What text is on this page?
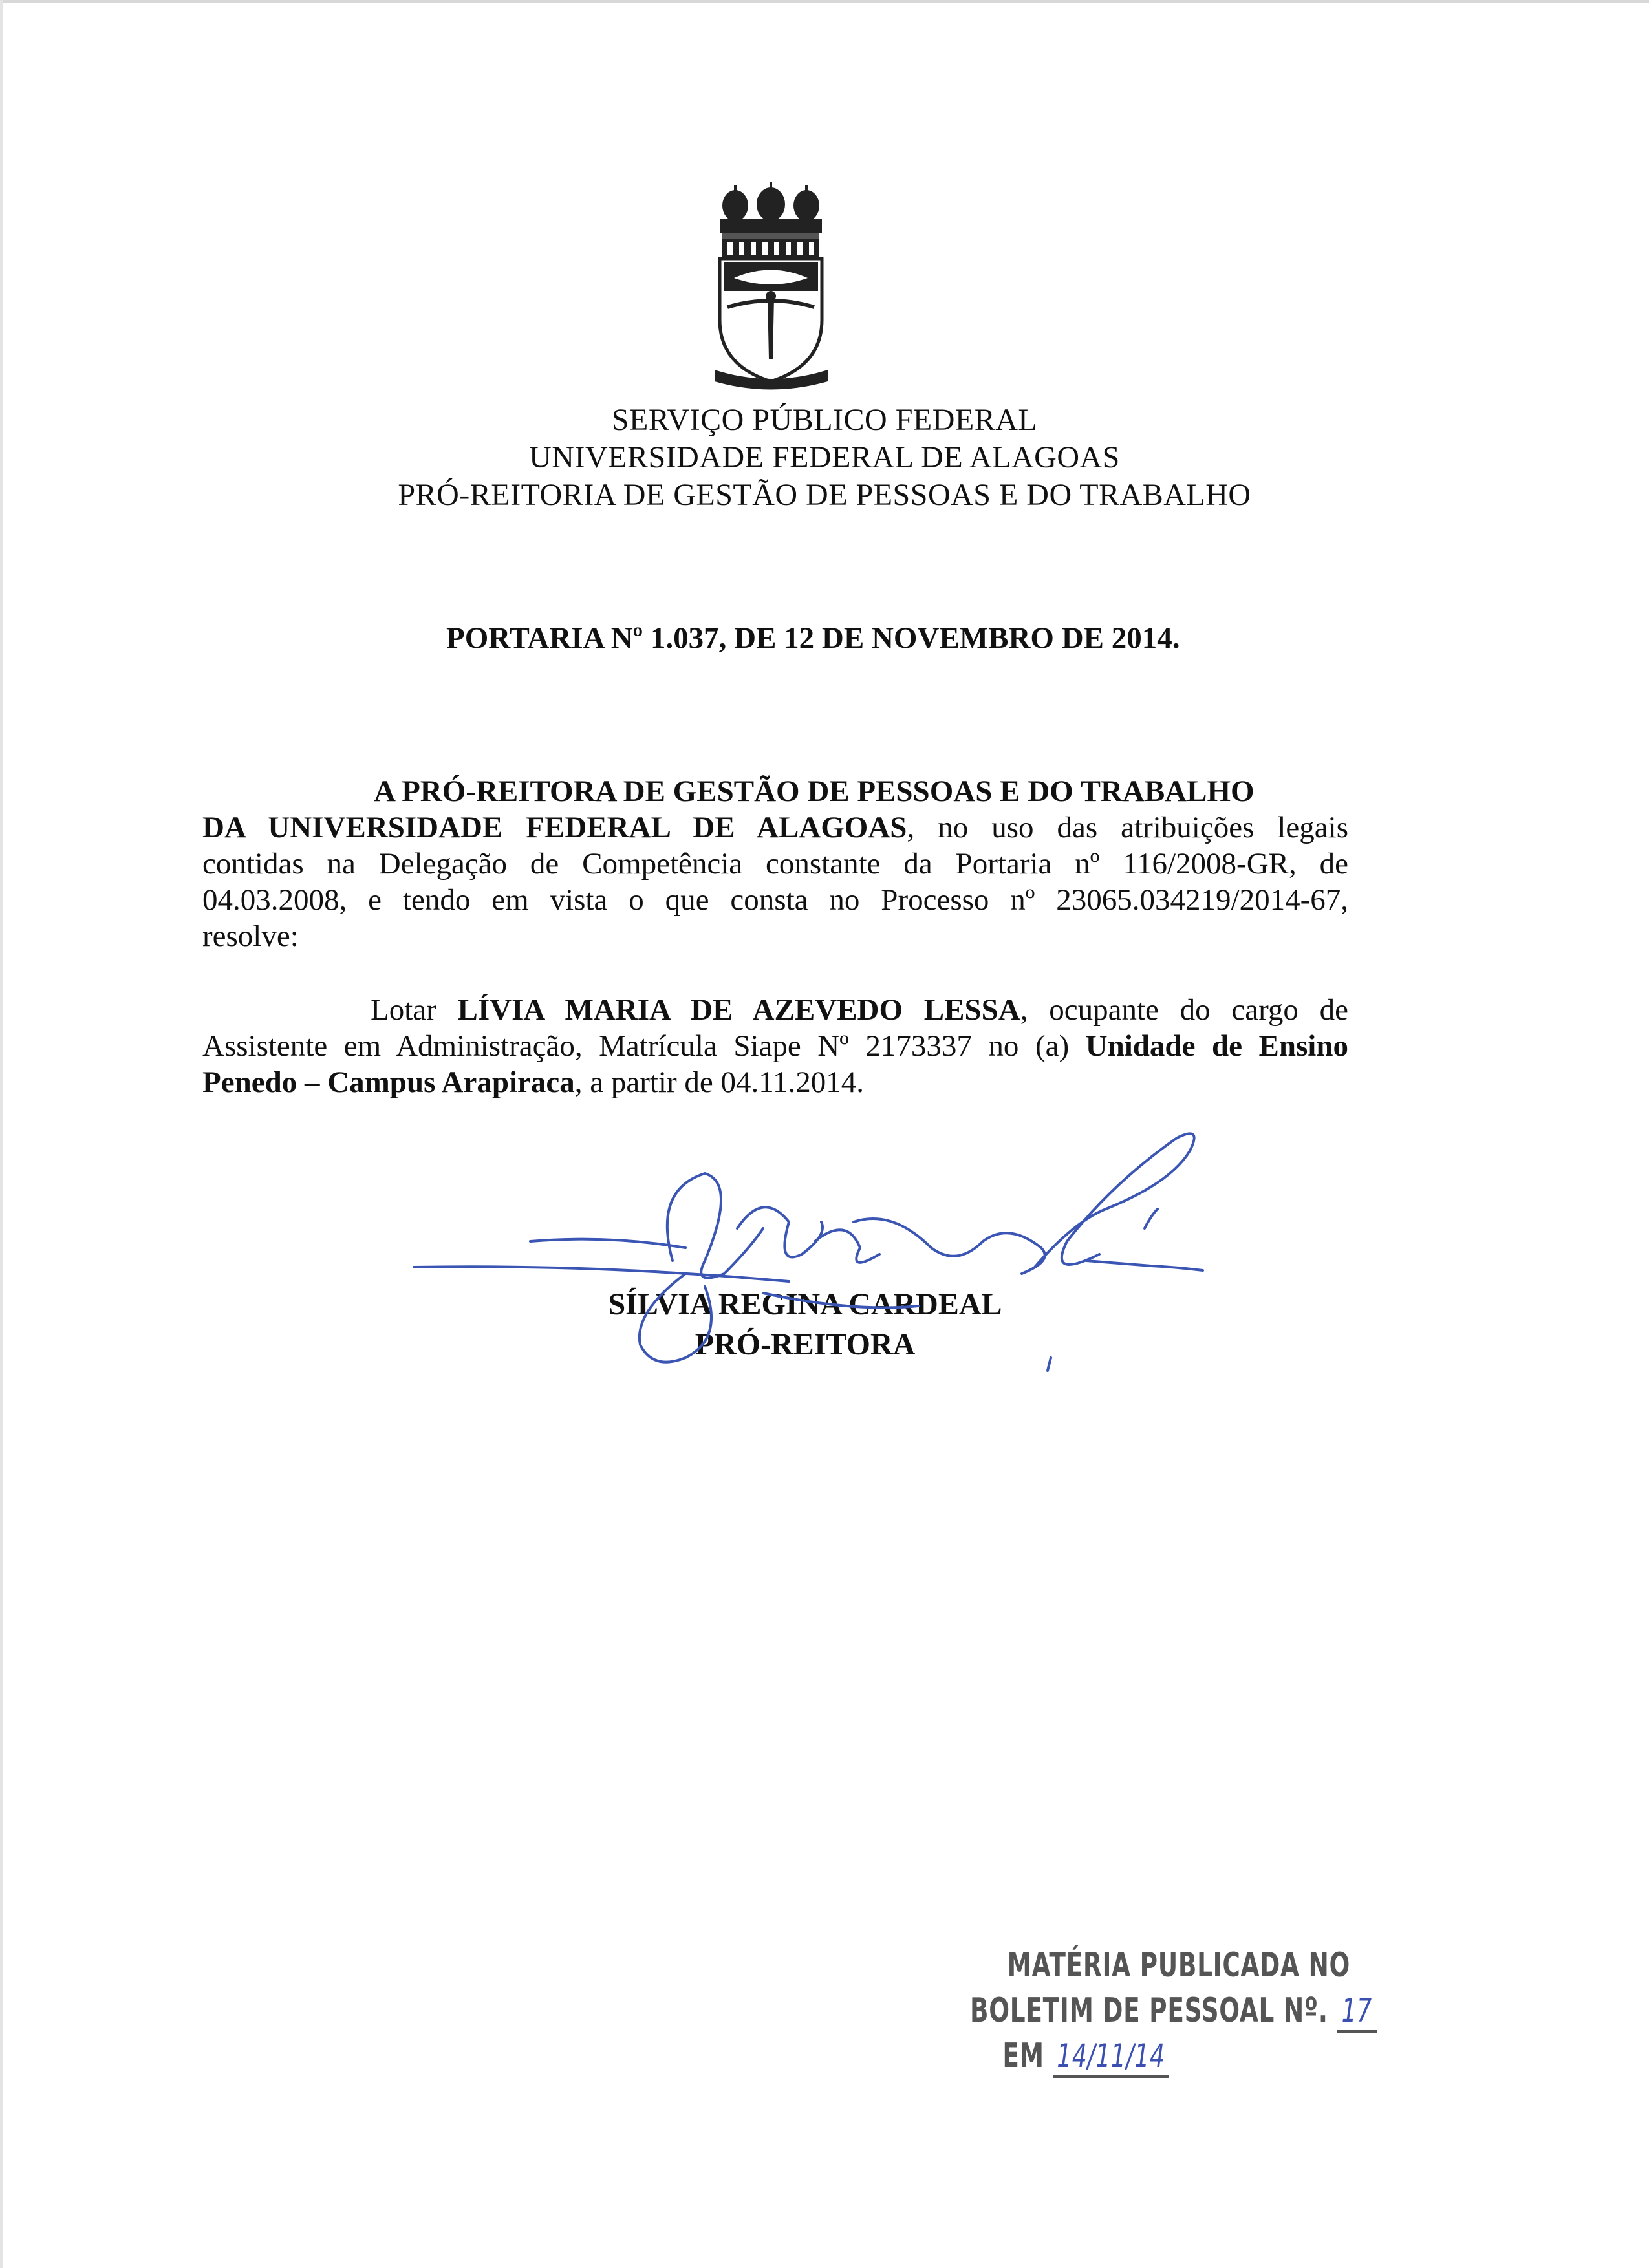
SERVIÇO PÚBLICO FEDERAL
UNIVERSIDADE FEDERAL DE ALAGOAS
PRÓ-REITORIA DE GESTÃO DE PESSOAS E DO TRABALHO
PORTARIA Nº 1.037, DE 12 DE NOVEMBRO DE 2014.
A PRÓ-REITORA DE GESTÃO DE PESSOAS E DO TRABALHO
DA UNIVERSIDADE FEDERAL DE ALAGOAS, no uso das atribuições legais
contidas na Delegação de Competência constante da Portaria nº 116/2008-GR, de
04.03.2008, e tendo em vista o que consta no Processo nº 23065.034219/2014-67,
resolve:
Lotar LÍVIA MARIA DE AZEVEDO LESSA, ocupante do cargo de
Assistente em Administração, Matrícula Siape Nº 2173337 no (a) Unidade de Ensino
Penedo – Campus Arapiraca, a partir de 04.11.2014.
SÍLVIA REGINA CARDEAL
PRÓ-REITORA
MATÉRIA PUBLICADA NO
BOLETIM DE PESSOAL Nº. 17
EM 14/11/14
